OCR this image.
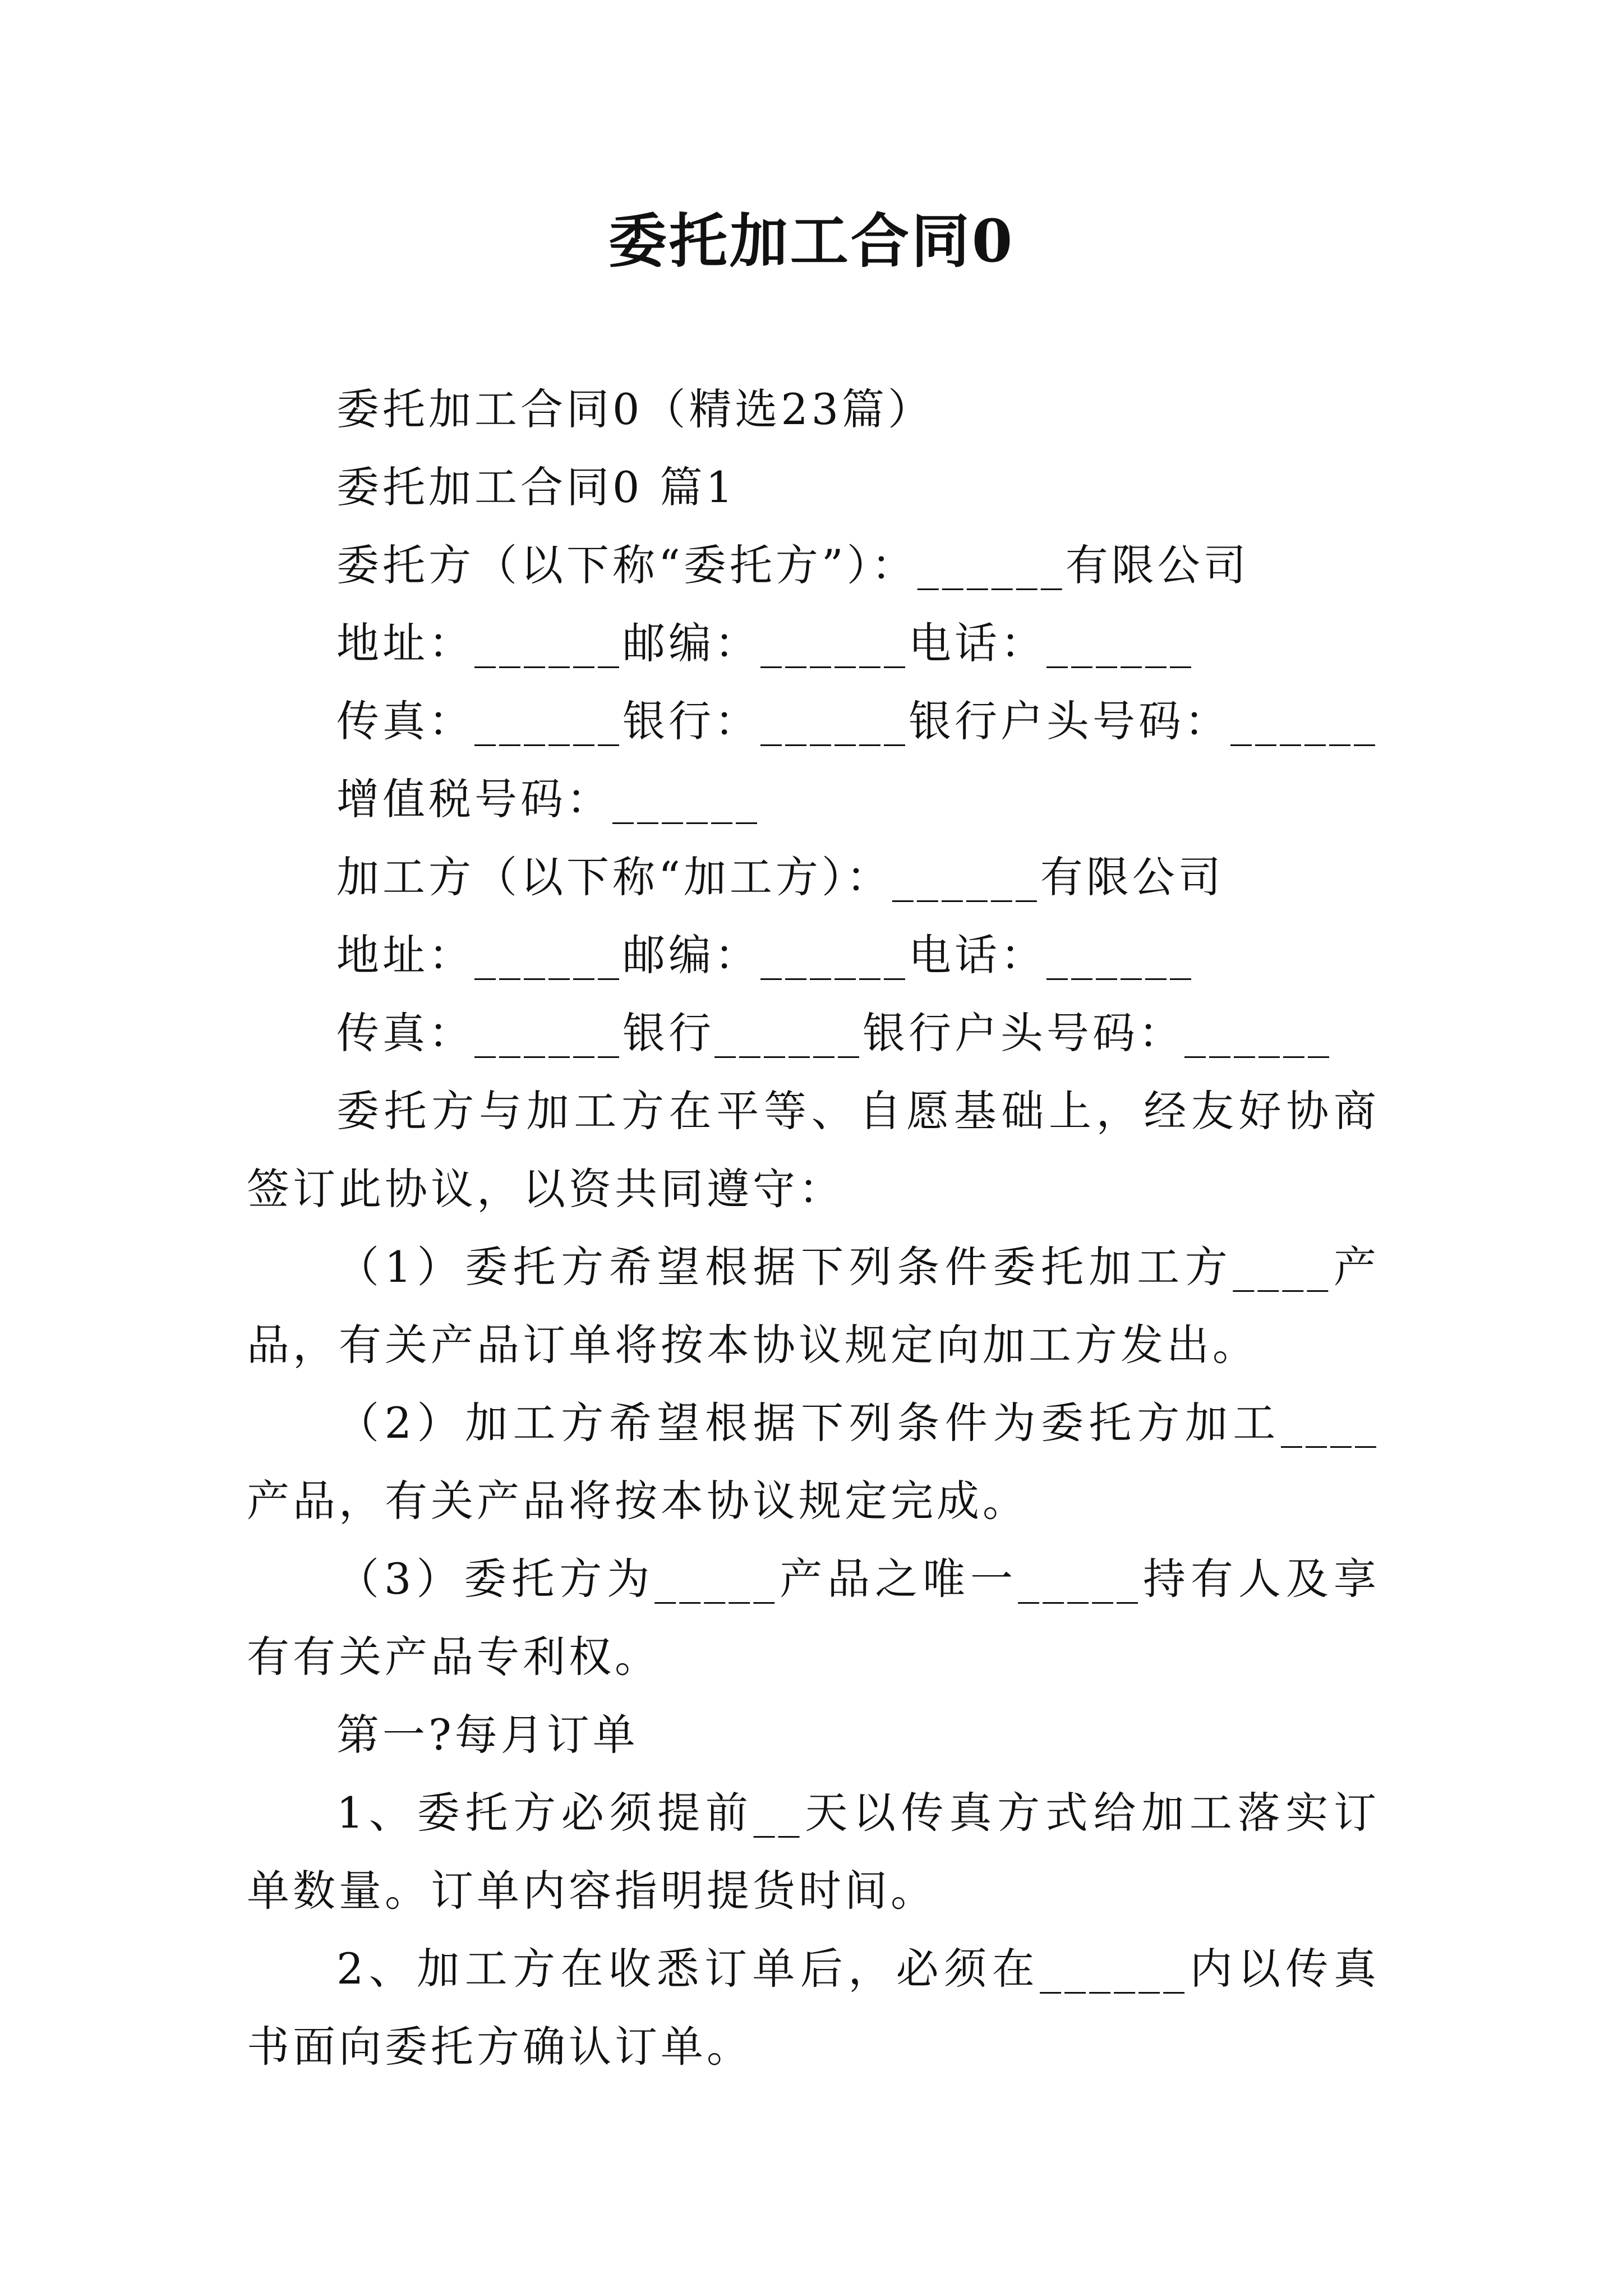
委托加工合同0

委托加工合同0（精选23篇）

委托加工合同0 篇1

委托方（以下称“委托方”）：______有限公司

地址：______邮编：______电话：______

传真：______银行：______银行户头号码：______

增值税号码：______

加工方（以下称“加工方）：______有限公司

地址：______邮编：______电话：______

传真：______银行______银行户头号码：______

委托方与加工方在平等、自愿基础上，经友好协商签订此协议，以资共同遵守：

（1）委托方希望根据下列条件委托加工方____产品，有关产品订单将按本协议规定向加工方发出。

（2）加工方希望根据下列条件为委托方加工____产品，有关产品将按本协议规定完成。

（3）委托方为_____产品之唯一_____持有人及享有有关产品专利权。

第一?每月订单

1、委托方必须提前__天以传真方式给加工落实订单数量。订单内容指明提货时间。

2、加工方在收悉订单后，必须在______内以传真书面向委托方确认订单。
